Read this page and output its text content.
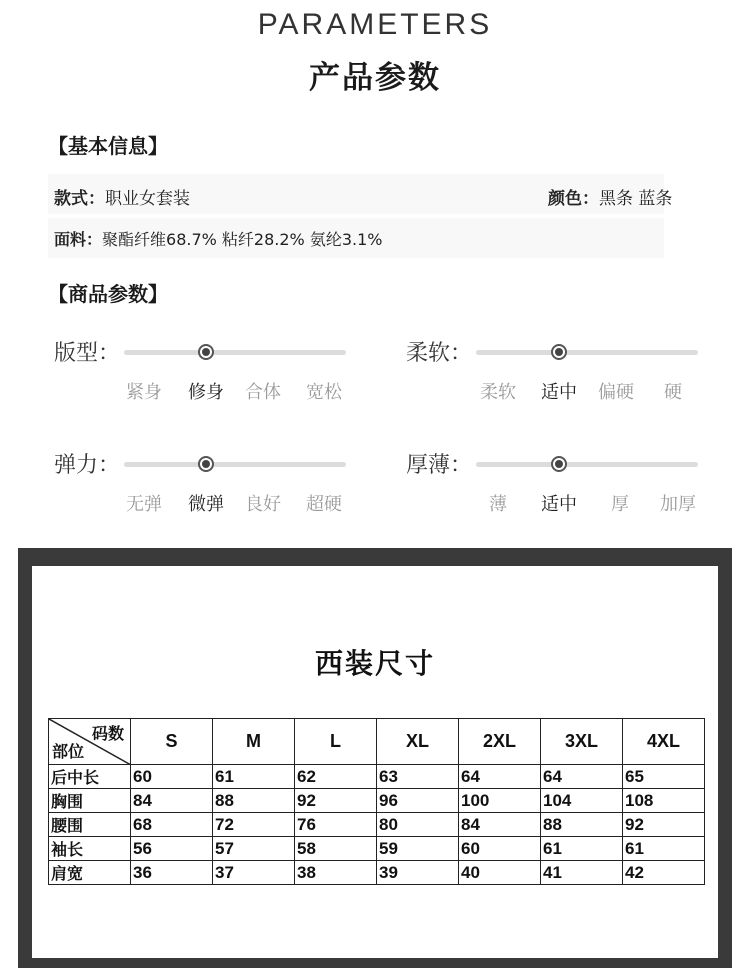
PARAMETERS
产品参数
【基本信息】
款式：职业女套装	颜色：黑条 蓝条
面料：聚酯纤维68.7% 粘纤28.2% 氨纶3.1%
【商品参数】
版型：
紧身 修身 合体 宽松
柔软：
柔软 适中 偏硬 硬
弹力：
无弹 微弹 良好 超硬
厚薄：
薄 适中 厚 加厚
西装尺寸
码数
部位	S	M	L	XL	2XL	3XL	4XL
后中长	60	61	62	63	64	64	65
胸围	84	88	92	96	100	104	108
腰围	68	72	76	80	84	88	92
袖长	56	57	58	59	60	61	61
肩宽	36	37	38	39	40	41	42
